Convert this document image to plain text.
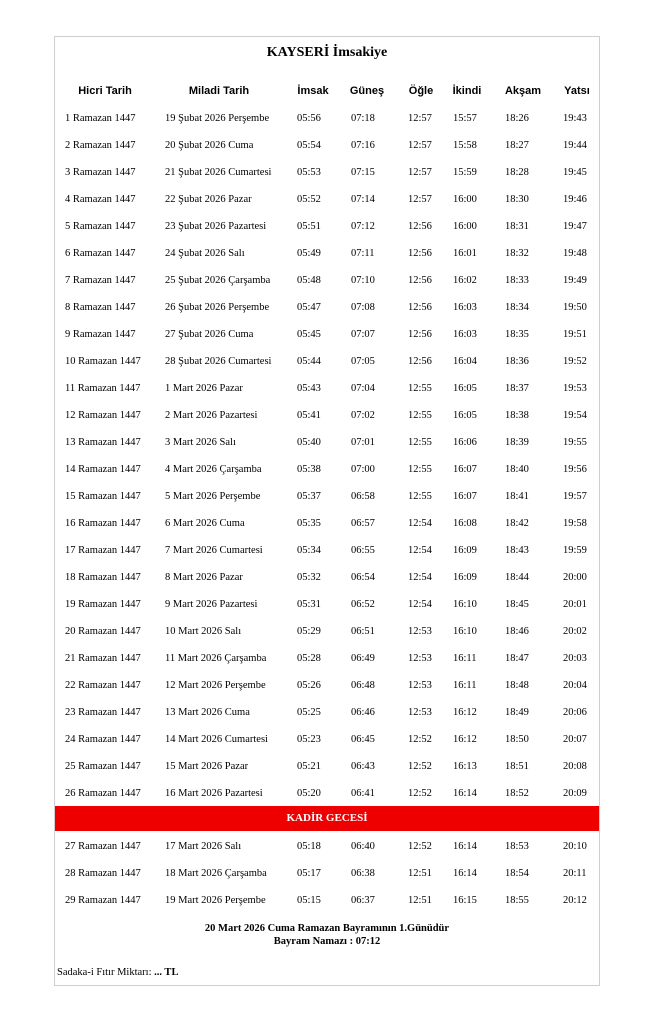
KAYSERİ İmsakiye
Hicri Tarih	Miladi Tarih	İmsak	Güneş	Öğle	İkindi	Akşam	Yatsı
1 Ramazan 1447	19 Şubat 2026 Perşembe	05:56	07:18	12:57 15:57	18:26	19:43
2 Ramazan 1447	20 Şubat 2026 Cuma	05:54	07:16	12:57 15:58	18:27	19:44
3 Ramazan 1447	21 Şubat 2026 Cumartesi 05:53	07:15	12:57 15:59	18:28	19:45
4 Ramazan 1447	22 Şubat 2026 Pazar	05:52	07:14	12:57 16:00	18:30	19:46
5 Ramazan 1447	23 Şubat 2026 Pazartesi	05:51	07:12	12:56 16:00	18:31	19:47
6 Ramazan 1447	24 Şubat 2026 Salı	05:49	07:11	12:56 16:01	18:32	19:48
7 Ramazan 1447	25 Şubat 2026 Çarşamba	05:48	07:10	12:56 16:02	18:33	19:49
8 Ramazan 1447	26 Şubat 2026 Perşembe	05:47	07:08	12:56 16:03	18:34	19:50
9 Ramazan 1447	27 Şubat 2026 Cuma	05:45	07:07	12:56 16:03	18:35	19:51
10 Ramazan 1447 28 Şubat 2026 Cumartesi 05:44	07:05	12:56 16:04	18:36	19:52
11 Ramazan 1447 1 Mart 2026 Pazar	05:43	07:04	12:55 16:05	18:37	19:53
12 Ramazan 1447 2 Mart 2026 Pazartesi	05:41	07:02	12:55 16:05	18:38	19:54
13 Ramazan 1447 3 Mart 2026 Salı	05:40	07:01	12:55 16:06	18:39	19:55
14 Ramazan 1447 4 Mart 2026 Çarşamba	05:38	07:00	12:55 16:07	18:40	19:56
15 Ramazan 1447 5 Mart 2026 Perşembe	05:37	06:58	12:55 16:07	18:41	19:57
16 Ramazan 1447 6 Mart 2026 Cuma	05:35	06:57	12:54 16:08	18:42	19:58
17 Ramazan 1447 7 Mart 2026 Cumartesi	05:34	06:55	12:54 16:09	18:43	19:59
18 Ramazan 1447 8 Mart 2026 Pazar	05:32	06:54	12:54 16:09	18:44	20:00
19 Ramazan 1447 9 Mart 2026 Pazartesi	05:31	06:52	12:54 16:10	18:45	20:01
20 Ramazan 1447 10 Mart 2026 Salı	05:29	06:51	12:53 16:10	18:46	20:02
21 Ramazan 1447 11 Mart 2026 Çarşamba	05:28	06:49	12:53 16:11	18:47	20:03
22 Ramazan 1447 12 Mart 2026 Perşembe	05:26	06:48	12:53 16:11	18:48	20:04
23 Ramazan 1447 13 Mart 2026 Cuma	05:25	06:46	12:53 16:12	18:49	20:06
24 Ramazan 1447 14 Mart 2026 Cumartesi	05:23	06:45	12:52 16:12	18:50	20:07
25 Ramazan 1447 15 Mart 2026 Pazar	05:21	06:43	12:52 16:13	18:51	20:08
26 Ramazan 1447 16 Mart 2026 Pazartesi	05:20	06:41	12:52 16:14	18:52	20:09
27 Ramazan 1447 17 Mart 2026 Salı	05:18	06:40	12:52 16:14	18:53	20:10
28 Ramazan 1447 18 Mart 2026 Çarşamba	05:17	06:38	12:51 16:14	18:54	20:11
29 Ramazan 1447 19 Mart 2026 Perşembe	05:15	06:37	12:51 16:15	18:55	20:12
KADİR GECESİ
20 Mart 2026 Cuma Ramazan Bayramının 1.Günüdür
Bayram Namazı : 07:12
Sadaka-i Fıtır Miktarı: ... TL
